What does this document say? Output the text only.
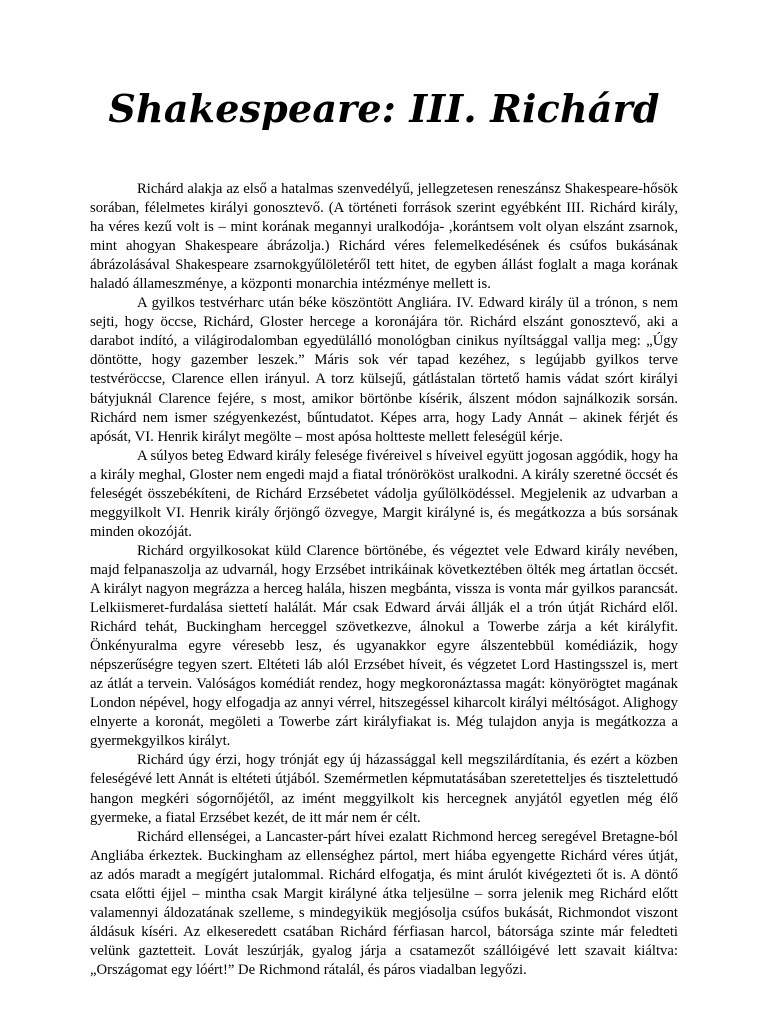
Shakespeare: III. Richárd

Richárd alakja az első a hatalmas szenvedélyű, jellegzetesen reneszánsz Shakespeare-hősök sorában, félelmetes királyi gonosztevő. (A történeti források szerint egyébként III. Richárd király, ha véres kezű volt is – mint korának megannyi uralkodója- ,korántsem volt olyan elszánt zsarnok, mint ahogyan Shakespeare ábrázolja.) Richárd véres felemelkedésének és csúfos bukásának ábrázolásával Shakespeare zsarnokgyűlöletéről tett hitet, de egyben állást foglalt a maga korának haladó állameszménye, a központi monarchia intézménye mellett is.

A gyilkos testvérharc után béke köszöntött Angliára. IV. Edward király ül a trónon, s nem sejti, hogy öccse, Richárd, Gloster hercege a koronájára tör. Richárd elszánt gonosztevő, aki a darabot indító, a világirodalomban egyedülálló monológban cinikus nyíltsággal vallja meg: „Úgy döntötte, hogy gazember leszek.” Máris sok vér tapad kezéhez, s legújabb gyilkos terve testvéröccse, Clarence ellen irányul. A torz külsejű, gátlástalan törtető hamis vádat szórt királyi bátyjuknál Clarence fejére, s most, amikor börtönbe kísérik, álszent módon sajnálkozik sorsán. Richárd nem ismer szégyenkezést, bűntudatot. Képes arra, hogy Lady Annát – akinek férjét és apósát, VI. Henrik királyt megölte – most apósa holtteste mellett feleségül kérje.

A súlyos beteg Edward király felesége fivéreivel s híveivel együtt jogosan aggódik, hogy ha a király meghal, Gloster nem engedi majd a fiatal trónörököst uralkodni. A király szeretné öccsét és feleségét összebékíteni, de Richárd Erzsébetet vádolja gyűlölködéssel. Megjelenik az udvarban a meggyilkolt VI. Henrik király őrjöngő özvegye, Margit királyné is, és megátkozza a bús sorsának minden okozóját.

Richárd orgyilkosokat küld Clarence börtönébe, és végeztet vele Edward király nevében, majd felpanaszolja az udvarnál, hogy Erzsébet intrikáinak következtében ölték meg ártatlan öccsét. A királyt nagyon megrázza a herceg halála, hiszen megbánta, vissza is vonta már gyilkos parancsát. Lelkiismeret-furdalása siettetí halálát. Már csak Edward árvái állják el a trón útját Richárd elől. Richárd tehát, Buckingham herceggel szövetkezve, álnokul a Towerbe zárja a két királyfit. Önkényuralma egyre véresebb lesz, és ugyanakkor egyre álszentebbül komédiázik, hogy népszerűségre tegyen szert. Eltéteti láb alól Erzsébet híveit, és végzetet Lord Hastingsszel is, mert az átlát a tervein. Valóságos komédiát rendez, hogy megkoronáztassa magát: könyörögtet magának London népével, hogy elfogadja az annyi vérrel, hitszegéssel kiharcolt királyi méltóságot. Alighogy elnyerte a koronát, megöleti a Towerbe zárt királyfiakat is. Még tulajdon anyja is megátkozza a gyermekgyilkos királyt.

Richárd úgy érzi, hogy trónját egy új házassággal kell megszilárdítania, és ezért a közben feleségévé lett Annát is eltéteti útjából. Szemérmetlen képmutatásában szeretetteljes és tisztelettudó hangon megkéri sógornőjétől, az imént meggyilkolt kis hercegnek anyjától egyetlen még élő gyermeke, a fiatal Erzsébet kezét, de itt már nem ér célt.

Richárd ellenségei, a Lancaster-párt hívei ezalatt Richmond herceg seregével Bretagne-ból Angliába érkeztek. Buckingham az ellenséghez pártol, mert hiába egyengette Richárd véres útját, az adós maradt a megígért jutalommal. Richárd elfogatja, és mint árulót kivégezteti őt is. A döntő csata előtti éjjel – mintha csak Margit királyné átka teljesülne – sorra jelenik meg Richárd előtt valamennyi áldozatának szelleme, s mindegyikük megjósolja csúfos bukását, Richmondot viszont áldásuk kíséri. Az elkeseredett csatában Richárd férfiasan harcol, bátorsága szinte már feledteti velünk gaztetteit. Lovát leszúrják, gyalog járja a csatamezőt szállóigévé lett szavait kiáltva: „Országomat egy lóért!” De Richmond rátalál, és páros viadalban legyőzi.
